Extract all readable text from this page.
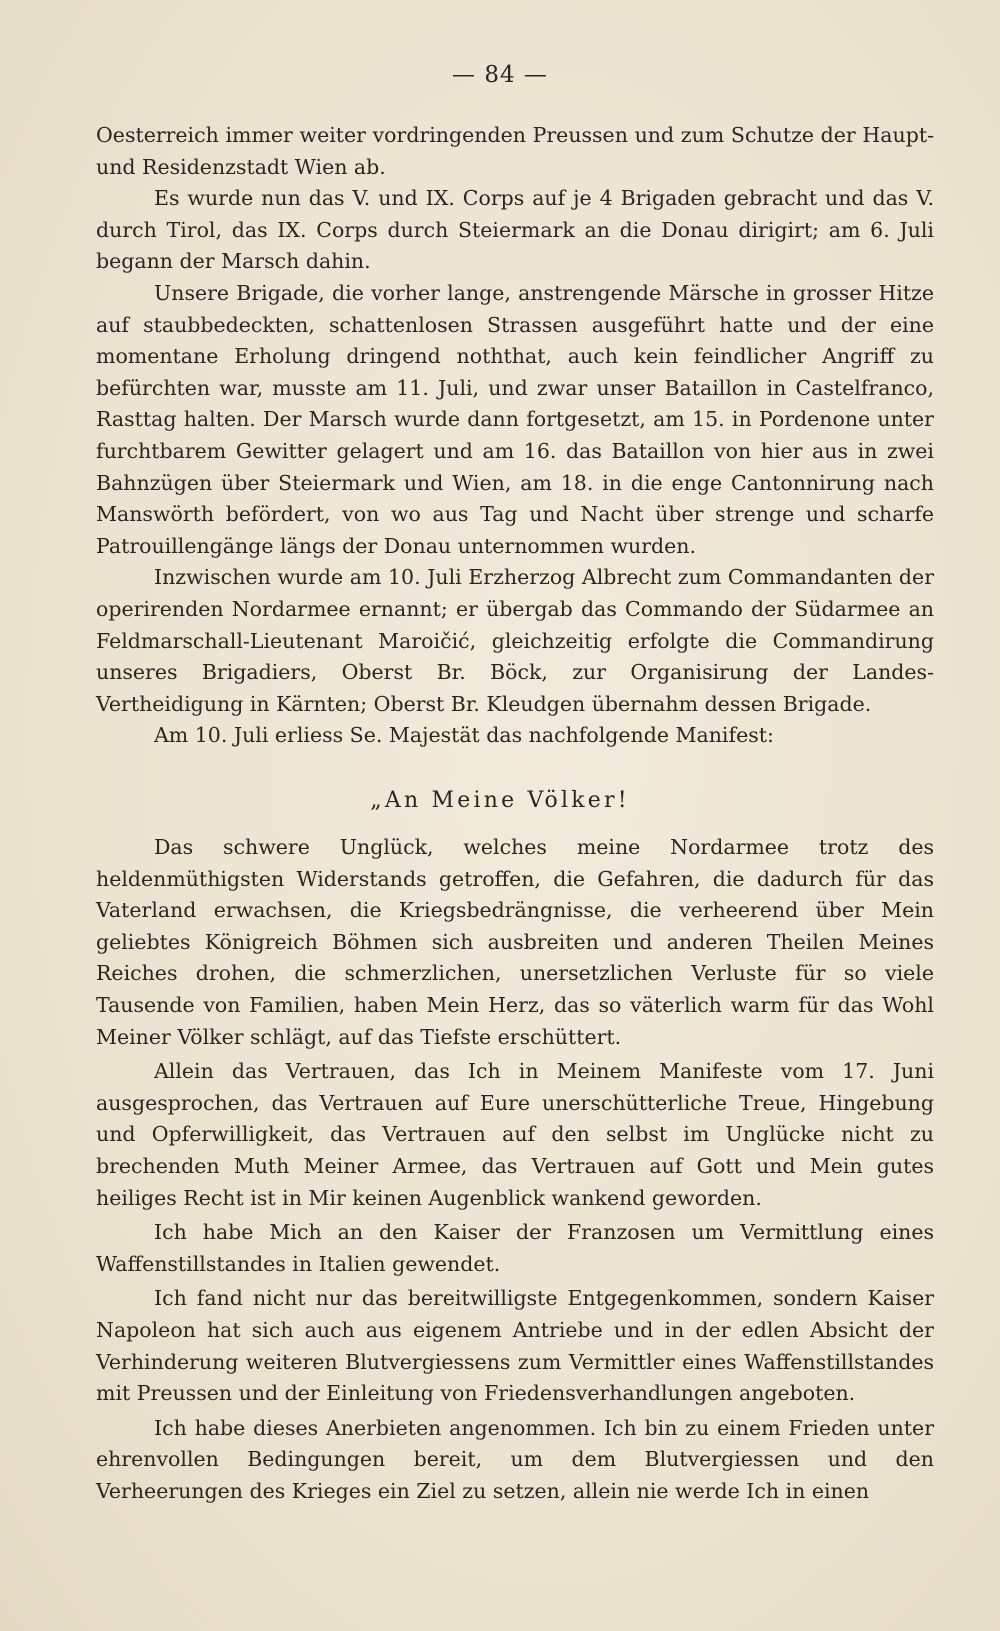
— 84 —

Oesterreich immer weiter vordringenden Preussen und zum Schutze der Haupt- und Residenzstadt Wien ab.

Es wurde nun das V. und IX. Corps auf je 4 Brigaden gebracht und das V. durch Tirol, das IX. Corps durch Steiermark an die Donau dirigirt; am 6. Juli begann der Marsch dahin.

Unsere Brigade, die vorher lange, anstrengende Märsche in grosser Hitze auf staubbedeckten, schattenlosen Strassen ausgeführt hatte und der eine momentane Erholung dringend noththat, auch kein feindlicher Angriff zu befürchten war, musste am 11. Juli, und zwar unser Bataillon in Castelfranco, Rasttag halten. Der Marsch wurde dann fortgesetzt, am 15. in Pordenone unter furchtbarem Gewitter gelagert und am 16. das Bataillon von hier aus in zwei Bahnzügen über Steiermark und Wien, am 18. in die enge Cantonnirung nach Manswörth befördert, von wo aus Tag und Nacht über strenge und scharfe Patrouillengänge längs der Donau unternommen wurden.

Inzwischen wurde am 10. Juli Erzherzog Albrecht zum Commandanten der operirenden Nordarmee ernannt; er übergab das Commando der Südarmee an Feldmarschall-Lieutenant Maroičić, gleichzeitig erfolgte die Commandirung unseres Brigadiers, Oberst Br. Böck, zur Organisirung der Landes-Vertheidigung in Kärnten; Oberst Br. Kleudgen übernahm dessen Brigade.

Am 10. Juli erliess Se. Majestät das nachfolgende Manifest:

„An Meine Völker!

Das schwere Unglück, welches meine Nordarmee trotz des heldenmüthigsten Widerstands getroffen, die Gefahren, die dadurch für das Vaterland erwachsen, die Kriegsbedrängnisse, die verheerend über Mein geliebtes Königreich Böhmen sich ausbreiten und anderen Theilen Meines Reiches drohen, die schmerzlichen, unersetzlichen Verluste für so viele Tausende von Familien, haben Mein Herz, das so väterlich warm für das Wohl Meiner Völker schlägt, auf das Tiefste erschüttert.

Allein das Vertrauen, das Ich in Meinem Manifeste vom 17. Juni ausgesprochen, das Vertrauen auf Eure unerschütterliche Treue, Hingebung und Opferwilligkeit, das Vertrauen auf den selbst im Unglücke nicht zu brechenden Muth Meiner Armee, das Vertrauen auf Gott und Mein gutes heiliges Recht ist in Mir keinen Augenblick wankend geworden.

Ich habe Mich an den Kaiser der Franzosen um Vermittlung eines Waffenstillstandes in Italien gewendet.

Ich fand nicht nur das bereitwilligste Entgegenkommen, sondern Kaiser Napoleon hat sich auch aus eigenem Antriebe und in der edlen Absicht der Verhinderung weiteren Blutvergiessens zum Vermittler eines Waffenstillstandes mit Preussen und der Einleitung von Friedensverhandlungen angeboten.

Ich habe dieses Anerbieten angenommen. Ich bin zu einem Frieden unter ehrenvollen Bedingungen bereit, um dem Blutvergiessen und den Verheerungen des Krieges ein Ziel zu setzen, allein nie werde Ich in einen
